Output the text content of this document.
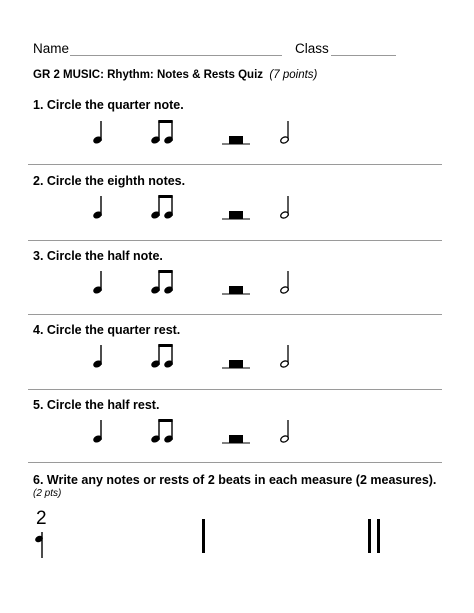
Name	Class
GR 2 MUSIC: Rhythm: Notes & Rests Quiz (7 points)
1. Circle the quarter note.
2. Circle the eighth notes.
3. Circle the half note.
4. Circle the quarter rest.
5. Circle the half rest.
6. Write any notes or rests of 2 beats in each measure (2 measures).
(2 pts)
2
